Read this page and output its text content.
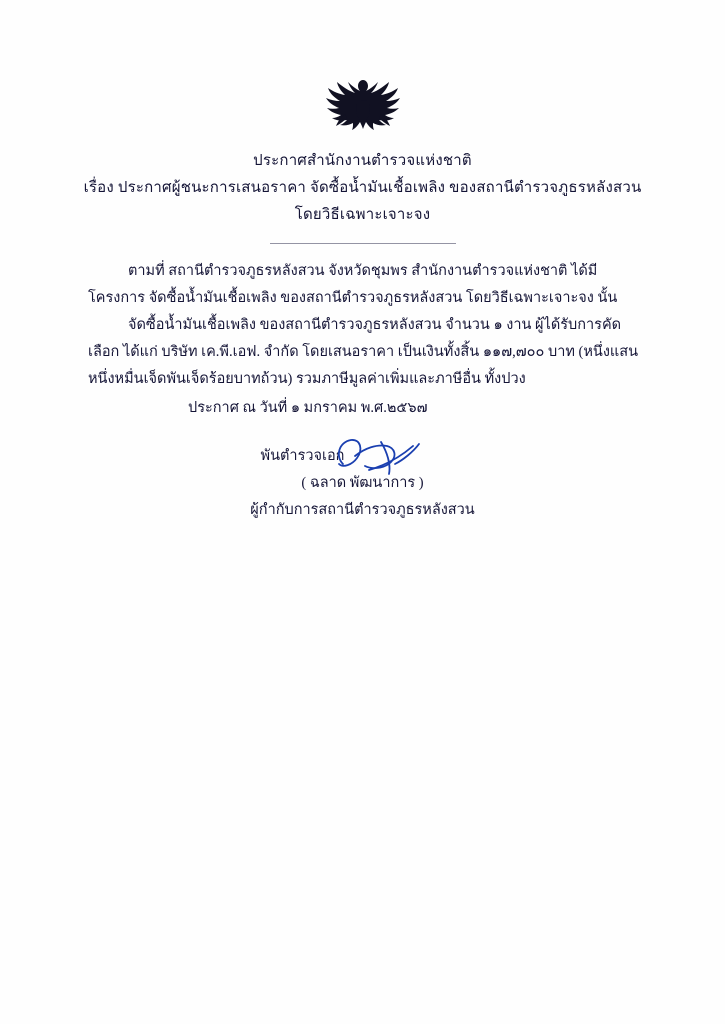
ประกาศสำนักงานตำรวจแห่งชาติ
เรื่อง ประกาศผู้ชนะการเสนอราคา จัดซื้อน้ำมันเชื้อเพลิง ของสถานีตำรวจภูธรหลังสวน
โดยวิธีเฉพาะเจาะจง
ตามที่ สถานีตำรวจภูธรหลังสวน จังหวัดชุมพร สำนักงานตำรวจแห่งชาติ ได้มีโครงการ จัดซื้อน้ำมันเชื้อเพลิง ของสถานีตำรวจภูธรหลังสวน โดยวิธีเฉพาะเจาะจง นั้น
จัดซื้อน้ำมันเชื้อเพลิง ของสถานีตำรวจภูธรหลังสวน จำนวน ๑ งาน ผู้ได้รับการคัดเลือก ได้แก่ บริษัท เค.พี.เอฟ. จำกัด โดยเสนอราคา เป็นเงินทั้งสิ้น ๑๑๗,๗๐๐ บาท (หนึ่งแสนหนึ่งหมื่นเจ็ดพันเจ็ดร้อยบาทถ้วน) รวมภาษีมูลค่าเพิ่มและภาษีอื่น ทั้งปวง
ประกาศ ณ วันที่ ๑ มกราคม พ.ศ.๒๕๖๗
พันตำรวจเอก
( ฉลาด พัฒนาการ )
ผู้กำกับการสถานีตำรวจภูธรหลังสวน
